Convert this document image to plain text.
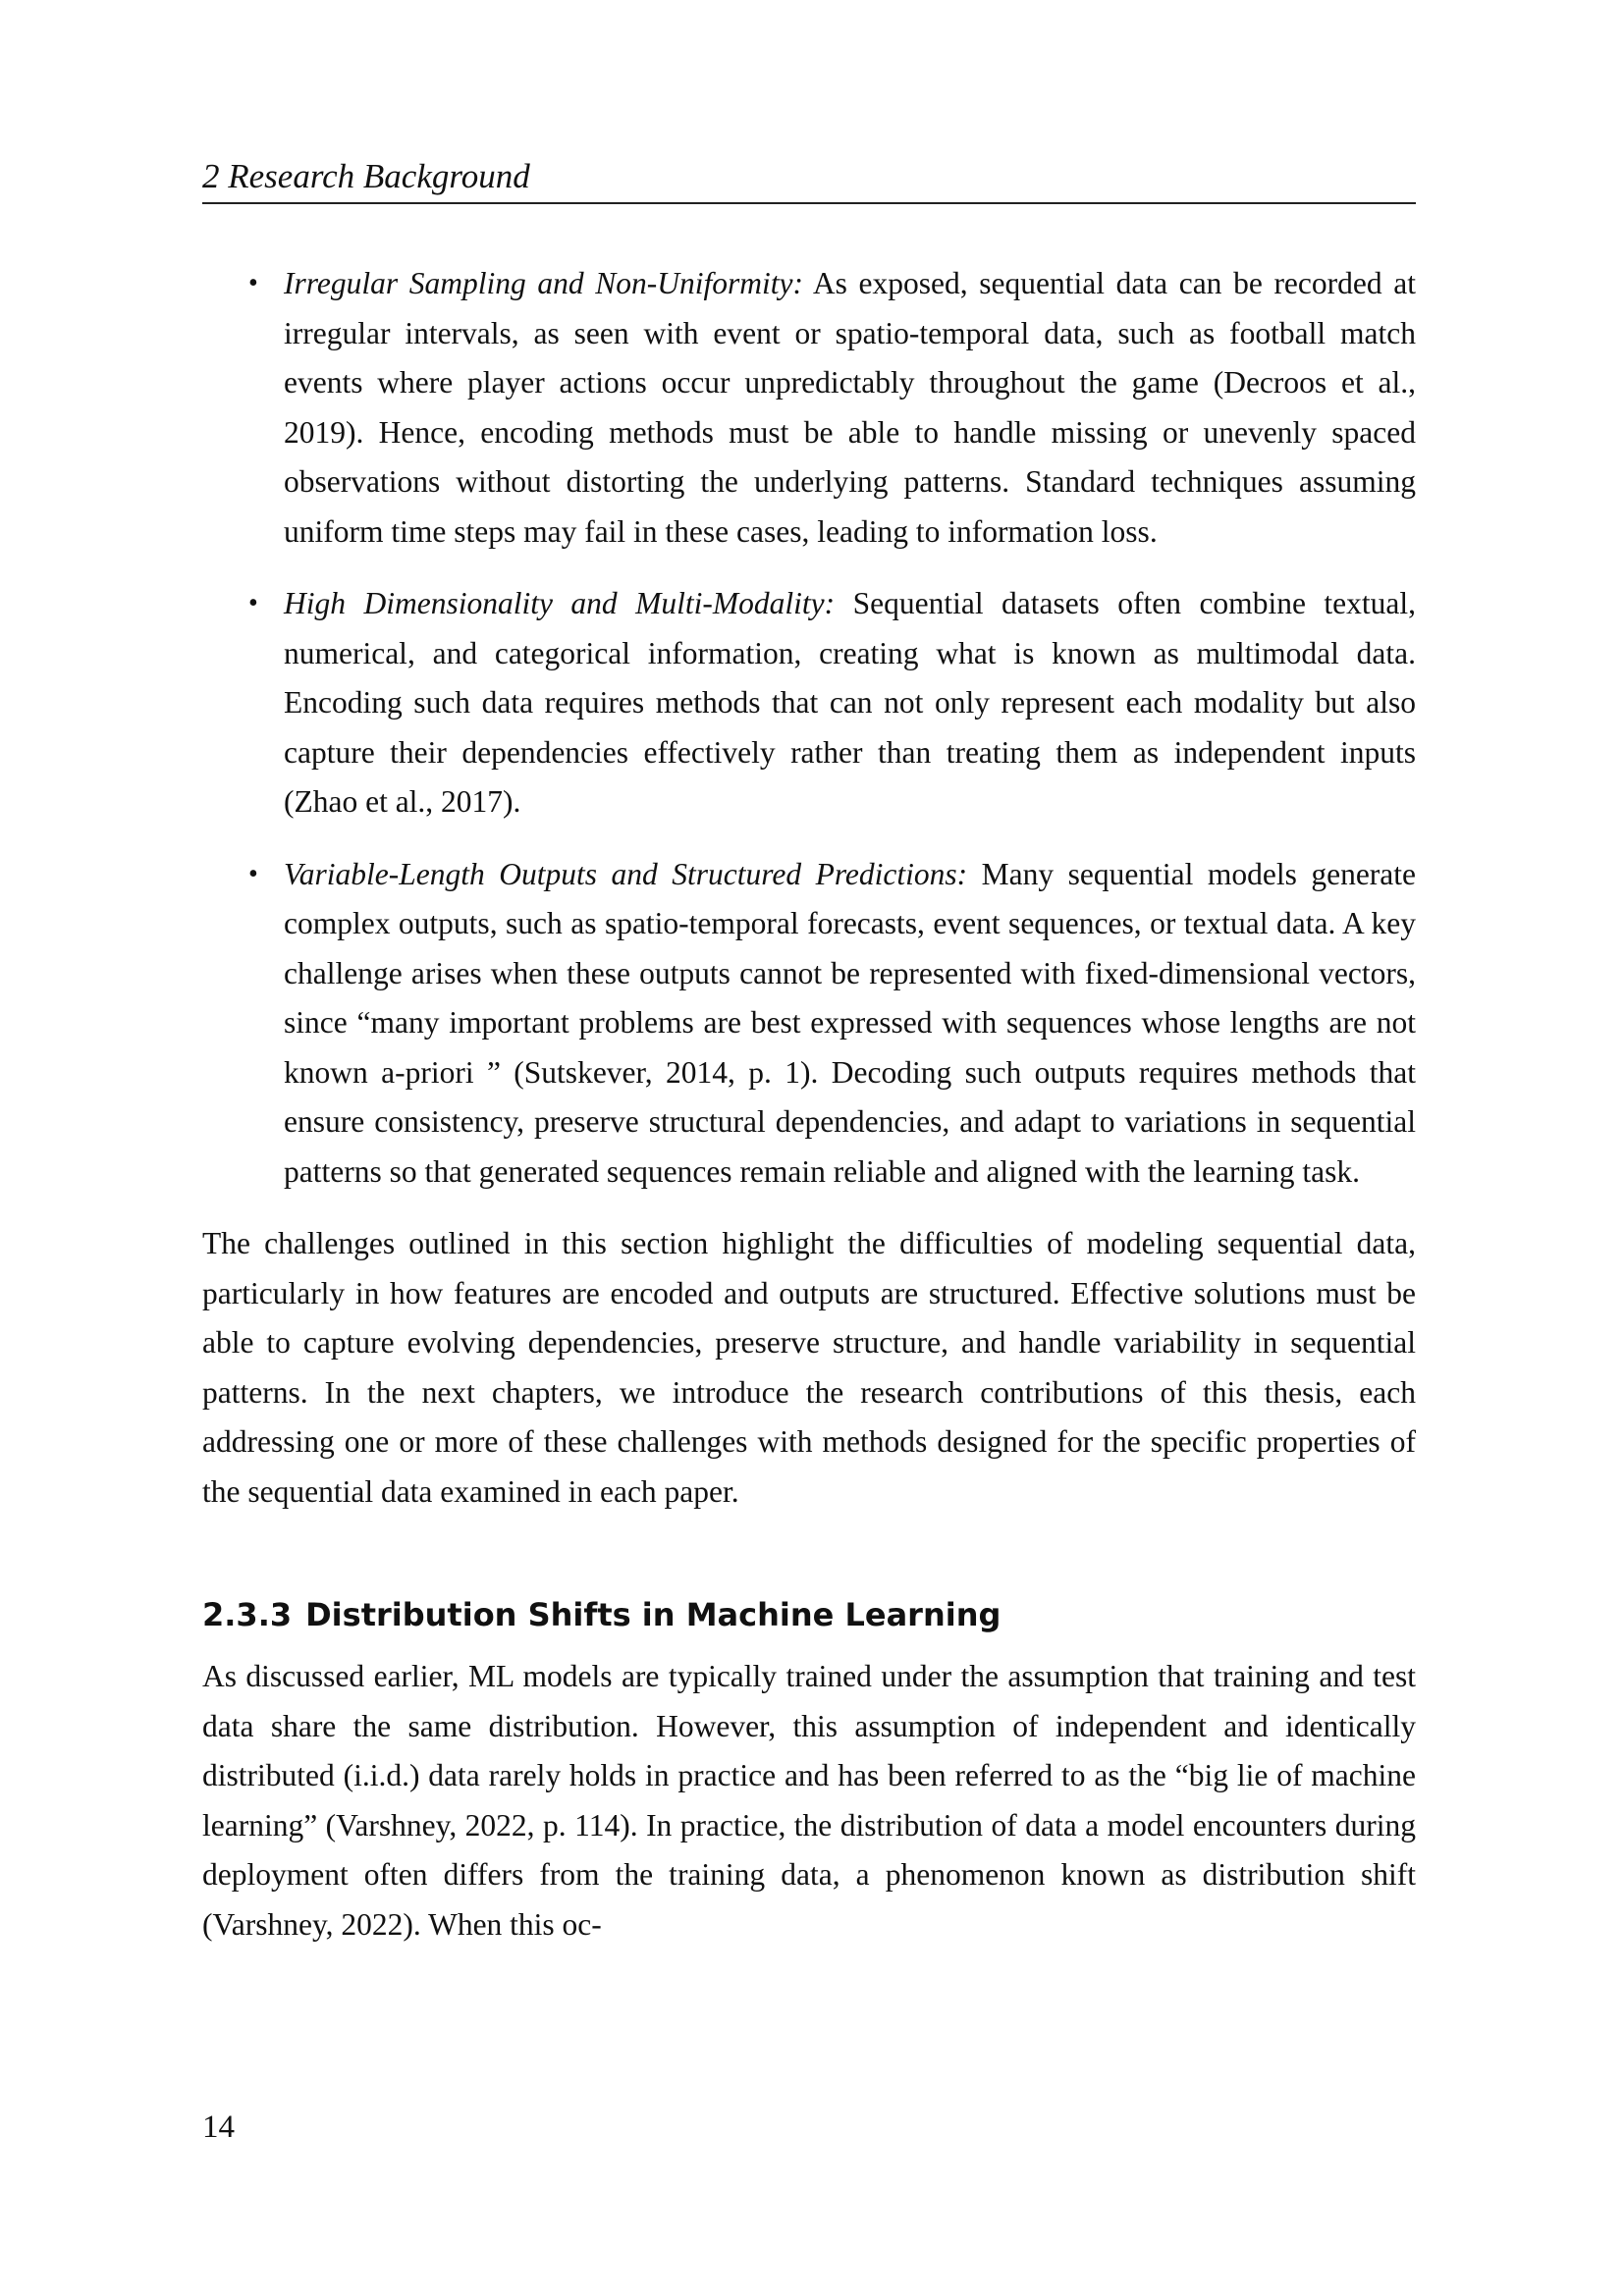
2 Research Background
• Irregular Sampling and Non-Uniformity: As exposed, sequential data can be recorded at irregular intervals, as seen with event or spatio-temporal data, such as football match events where player actions occur unpredictably throughout the game (Decroos et al., 2019). Hence, encoding methods must be able to handle missing or unevenly spaced observations without distorting the underlying patterns. Standard techniques assuming uniform time steps may fail in these cases, leading to information loss.
• High Dimensionality and Multi-Modality: Sequential datasets often combine textual, numerical, and categorical information, creating what is known as multimodal data. Encoding such data requires methods that can not only represent each modality but also capture their dependencies effectively rather than treating them as independent inputs (Zhao et al., 2017).
• Variable-Length Outputs and Structured Predictions: Many sequential models generate complex outputs, such as spatio-temporal forecasts, event sequences, or textual data. A key challenge arises when these outputs cannot be represented with fixed-dimensional vectors, since “many important problems are best expressed with sequences whose lengths are not known a-priori ” (Sutskever, 2014, p. 1). Decoding such outputs requires methods that ensure consistency, preserve structural dependencies, and adapt to variations in sequential patterns so that generated sequences remain reliable and aligned with the learning task.

The challenges outlined in this section highlight the difficulties of modeling sequential data, particularly in how features are encoded and outputs are structured. Effective solutions must be able to capture evolving dependencies, preserve structure, and handle variability in sequential patterns. In the next chapters, we introduce the research contributions of this thesis, each addressing one or more of these challenges with methods designed for the specific properties of the sequential data examined in each paper.

2.3.3 Distribution Shifts in Machine Learning

As discussed earlier, ML models are typically trained under the assumption that training and test data share the same distribution. However, this assumption of independent and identically distributed (i.i.d.) data rarely holds in practice and has been referred to as the “big lie of machine learning” (Varshney, 2022, p. 114). In practice, the distribution of data a model encounters during deployment often differs from the training data, a phenomenon known as distribution shift (Varshney, 2022). When this oc-

14
